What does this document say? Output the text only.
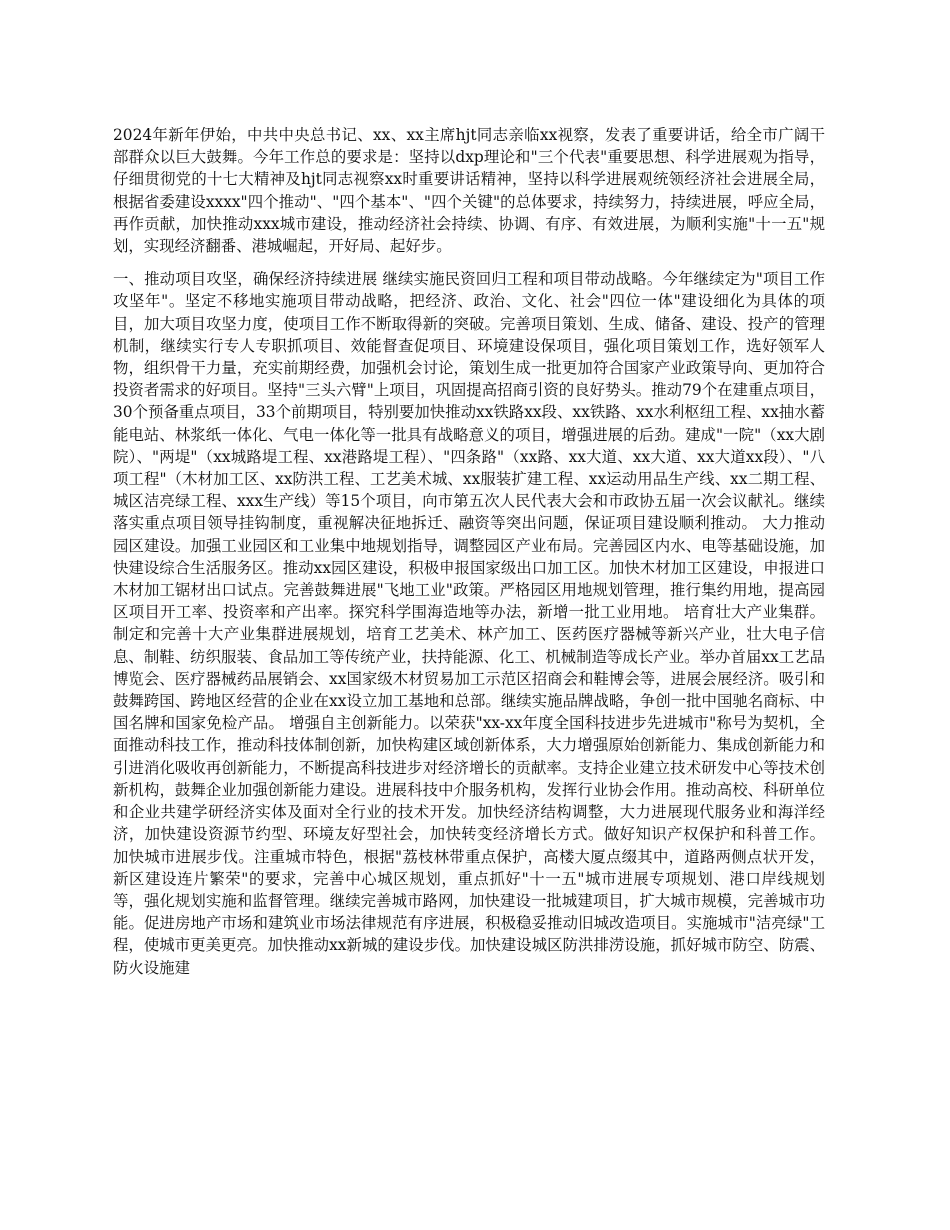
2024年新年伊始，中共中央总书记、xx、xx主席hjt同志亲临xx视察，发表了重要讲话，给全市广阔干部群众以巨大鼓舞。今年工作总的要求是：坚持以dxp理论和"三个代表"重要思想、科学进展观为指导，仔细贯彻党的十七大精神及hjt同志视察xx时重要讲话精神，坚持以科学进展观统领经济社会进展全局，根据省委建设xxxx"四个推动"、"四个基本"、"四个关键"的总体要求，持续努力，持续进展，呼应全局，再作贡献，加快推动xxx城市建设，推动经济社会持续、协调、有序、有效进展，为顺利实施"十一五"规划，实现经济翻番、港城崛起，开好局、起好步。

一、推动项目攻坚，确保经济持续进展 继续实施民资回归工程和项目带动战略。今年继续定为"项目工作攻坚年"。坚定不移地实施项目带动战略，把经济、政治、文化、社会"四位一体"建设细化为具体的项目，加大项目攻坚力度，使项目工作不断取得新的突破。完善项目策划、生成、储备、建设、投产的管理机制，继续实行专人专职抓项目、效能督查促项目、环境建设保项目，强化项目策划工作，选好领军人物，组织骨干力量，充实前期经费，加强机会讨论，策划生成一批更加符合国家产业政策导向、更加符合投资者需求的好项目。坚持"三头六臂"上项目，巩固提高招商引资的良好势头。推动79个在建重点项目，30个预备重点项目，33个前期项目，特别要加快推动xx铁路xx段、xx铁路、xx水利枢纽工程、xx抽水蓄能电站、林浆纸一体化、气电一体化等一批具有战略意义的项目，增强进展的后劲。建成"一院"（xx大剧院）、"两堤"（xx城路堤工程、xx港路堤工程）、"四条路"（xx路、xx大道、xx大道、xx大道xx段）、"八项工程"（木材加工区、xx防洪工程、工艺美术城、xx服装扩建工程、xx运动用品生产线、xx二期工程、城区洁亮绿工程、xxx生产线）等15个项目，向市第五次人民代表大会和市政协五届一次会议献礼。继续落实重点项目领导挂钩制度，重视解决征地拆迁、融资等突出问题，保证项目建设顺利推动。 大力推动园区建设。加强工业园区和工业集中地规划指导，调整园区产业布局。完善园区内水、电等基础设施，加快建设综合生活服务区。推动xx园区建设，积极申报国家级出口加工区。加快木材加工区建设，申报进口木材加工锯材出口试点。完善鼓舞进展"飞地工业"政策。严格园区用地规划管理，推行集约用地，提高园区项目开工率、投资率和产出率。探究科学围海造地等办法，新增一批工业用地。 培育壮大产业集群。制定和完善十大产业集群进展规划，培育工艺美术、林产加工、医药医疗器械等新兴产业，壮大电子信息、制鞋、纺织服装、食品加工等传统产业，扶持能源、化工、机械制造等成长产业。举办首届xx工艺品博览会、医疗器械药品展销会、xx国家级木材贸易加工示范区招商会和鞋博会等，进展会展经济。吸引和鼓舞跨国、跨地区经营的企业在xx设立加工基地和总部。继续实施品牌战略，争创一批中国驰名商标、中国名牌和国家免检产品。 增强自主创新能力。以荣获"xx-xx年度全国科技进步先进城市"称号为契机，全面推动科技工作，推动科技体制创新，加快构建区域创新体系，大力增强原始创新能力、集成创新能力和引进消化吸收再创新能力，不断提高科技进步对经济增长的贡献率。支持企业建立技术研发中心等技术创新机构，鼓舞企业加强创新能力建设。进展科技中介服务机构，发挥行业协会作用。推动高校、科研单位和企业共建学研经济实体及面对全行业的技术开发。加快经济结构调整，大力进展现代服务业和海洋经济，加快建设资源节约型、环境友好型社会，加快转变经济增长方式。做好知识产权保护和科普工作。 加快城市进展步伐。注重城市特色，根据"荔枝林带重点保护，高楼大厦点缀其中，道路两侧点状开发，新区建设连片繁荣"的要求，完善中心城区规划，重点抓好"十一五"城市进展专项规划、港口岸线规划等，强化规划实施和监督管理。继续完善城市路网，加快建设一批城建项目，扩大城市规模，完善城市功能。促进房地产市场和建筑业市场法律规范有序进展，积极稳妥推动旧城改造项目。实施城市"洁亮绿"工程，使城市更美更亮。加快推动xx新城的建设步伐。加快建设城区防洪排涝设施，抓好城市防空、防震、防火设施建
